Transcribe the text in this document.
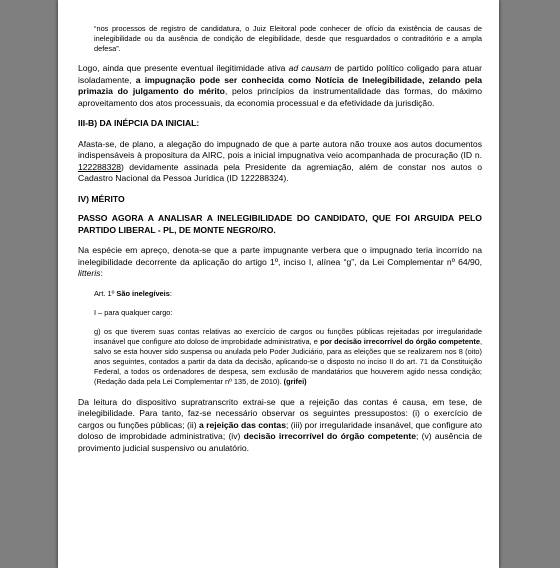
“nos processos de registro de candidatura, o Juiz Eleitoral pode conhecer de ofício da existência de causas de inelegibilidade ou da ausência de condição de elegibilidade, desde que resguardados o contraditório e a ampla defesa”.

Logo, ainda que presente eventual ilegitimidade ativa ad causam de partido político coligado para atuar isoladamente, a impugnação pode ser conhecida como Notícia de Inelegibilidade, zelando pela primazia do julgamento do mérito, pelos princípios da instrumentalidade das formas, do máximo aproveitamento dos atos processuais, da economia processual e da efetividade da jurisdição.

III-B) DA INÉPCIA DA INICIAL:

Afasta-se, de plano, a alegação do impugnado de que a parte autora não trouxe aos autos documentos indispensáveis à propositura da AIRC, pois a inicial impugnativa veio acompanhada de procuração (ID n. 122288328) devidamente assinada pela Presidente da agremiação, além de constar nos autos o Cadastro Nacional da Pessoa Jurídica (ID 122288324).

IV) MÉRITO

PASSO AGORA A ANALISAR A INELEGIBILIDADE DO CANDIDATO, QUE FOI ARGUIDA PELO PARTIDO LIBERAL - PL, DE MONTE NEGRO/RO.

Na espécie em apreço, denota-se que a parte impugnante verbera que o impugnado teria incorrido na inelegibilidade decorrente da aplicação do artigo 1º, inciso I, alínea “g”, da Lei Complementar nº 64/90, litteris:

Art. 1º São inelegíveis:

I – para qualquer cargo:

g) os que tiverem suas contas relativas ao exercício de cargos ou funções públicas rejeitadas por irregularidade insanável que configure ato doloso de improbidade administrativa, e por decisão irrecorrível do órgão competente, salvo se esta houver sido suspensa ou anulada pelo Poder Judiciário, para as eleições que se realizarem nos 8 (oito) anos seguintes, contados a partir da data da decisão, aplicando-se o disposto no inciso II do art. 71 da Constituição Federal, a todos os ordenadores de despesa, sem exclusão de mandatários que houverem agido nessa condição; (Redação dada pela Lei Complementar nº 135, de 2010). (grifei)

Da leitura do dispositivo supratranscrito extrai-se que a rejeição das contas é causa, em tese, de inelegibilidade. Para tanto, faz-se necessário observar os seguintes pressupostos: (i) o exercício de cargos ou funções públicas; (ii) a rejeição das contas; (iii) por irregularidade insanável, que configure ato doloso de improbidade administrativa; (iv) decisão irrecorrível do órgão competente; (v) ausência de provimento judicial suspensivo ou anulatório.
